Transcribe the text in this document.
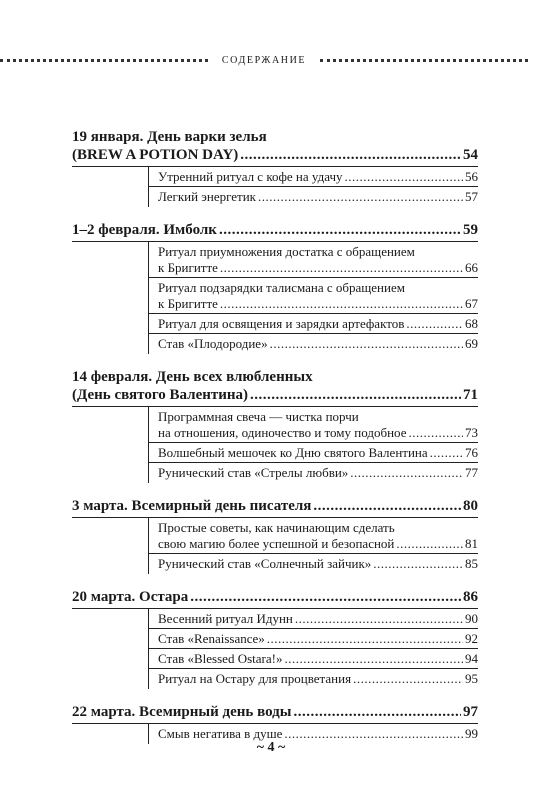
СОДЕРЖАНИЕ
19 января. День варки зелья
(BREW A POTION DAY) .....	54
Утренний ритуал с кофе на удачу .....	56
Легкий энергетик .....	57
1–2 февраля. Имболк .....	59
Ритуал приумножения достатка с обращением
к Бригитте .....	66
Ритуал подзарядки талисмана с обращением
к Бригитте .....	67
Ритуал для освящения и зарядки артефактов .....	68
Став «Плодородие» .....	69
14 февраля. День всех влюбленных
(День святого Валентина) .....	71
Программная свеча — чистка порчи
на отношения, одиночество и тому подобное .....	73
Волшебный мешочек ко Дню святого Валентина .....	76
Рунический став «Стрелы любви» .....	77
3 марта. Всемирный день писателя .....	80
Простые советы, как начинающим сделать
свою магию более успешной и безопасной .....	81
Рунический став «Солнечный зайчик» .....	85
20 марта. Остара .....	86
Весенний ритуал Идунн .....	90
Став «Renaissance» .....	92
Став «Blessed Ostara!» .....	94
Ритуал на Остару для процветания .....	95
22 марта. Всемирный день воды .....	97
Смыв негатива в душе .....	99
~ 4 ~
